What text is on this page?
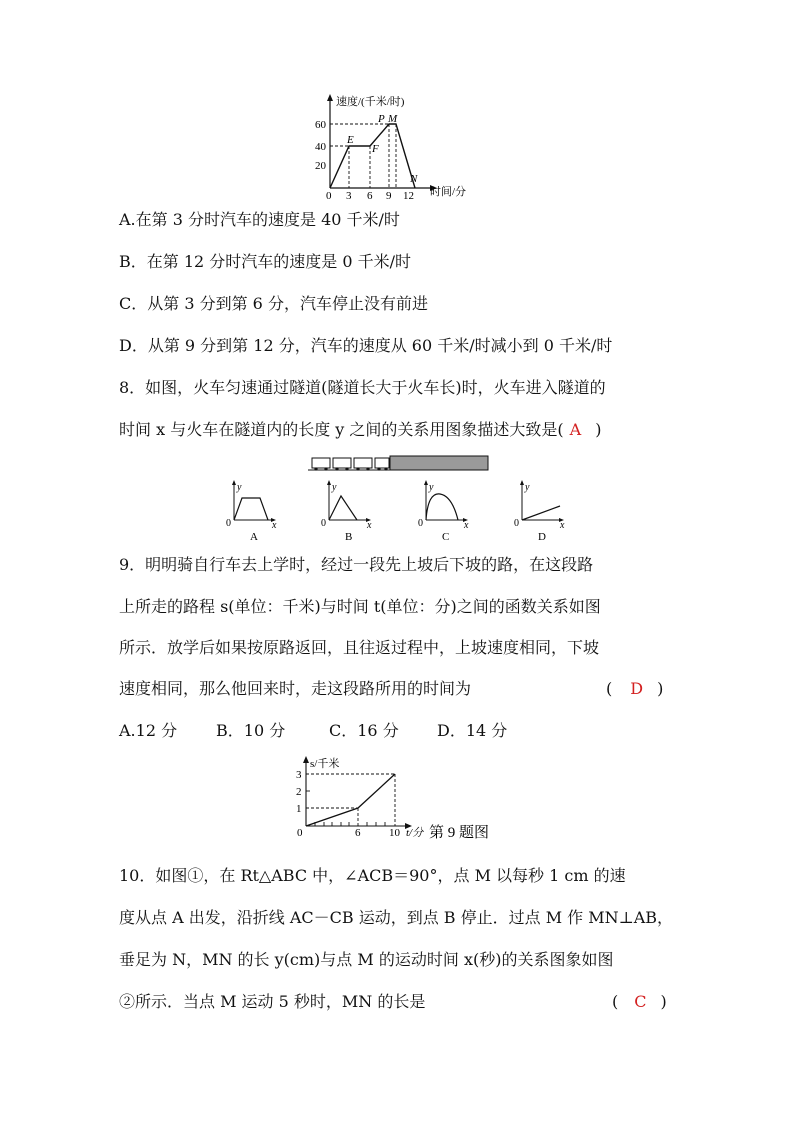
速度/(千米/时)
时间/分
20
40
60
0 3 6 9 12
E
F
P M
N
A.在第 3 分时汽车的速度是 40 千米/时
B．在第 12 分时汽车的速度是 0 千米/时
C．从第 3 分到第 6 分，汽车停止没有前进
D．从第 9 分到第 12 分，汽车的速度从 60 千米/时减小到 0 千米/时
8．如图，火车匀速通过隧道(隧道长大于火车长)时，火车进入隧道的
时间 x 与火车在隧道内的长度 y 之间的关系用图象描述大致是( A )
y
x
0
A
y
x
0
B
y
x
0
C
y
x
0
D
9．明明骑自行车去上学时，经过一段先上坡后下坡的路，在这段路
上所走的路程 s(单位：千米)与时间 t(单位：分)之间的函数关系如图
所示．放学后如果按原路返回，且往返过程中，上坡速度相同，下坡
速度相同，那么他回来时，走这段路所用的时间为	( D )
A.12 分 B．10 分	C．16 分 D．14 分
s/千米
1
2
3
0	6	10 t/分 第 9 题图
10．如图①，在 Rt△ABC 中，∠ACB＝90°，点 M 以每秒 1 cm 的速
度从点 A 出发，沿折线 AC－CB 运动，到点 B 停止．过点 M 作 MN⊥AB，
垂足为 N，MN 的长 y(cm)与点 M 的运动时间 x(秒)的关系图象如图
②所示．当点 M 运动 5 秒时，MN 的长是	( C )
